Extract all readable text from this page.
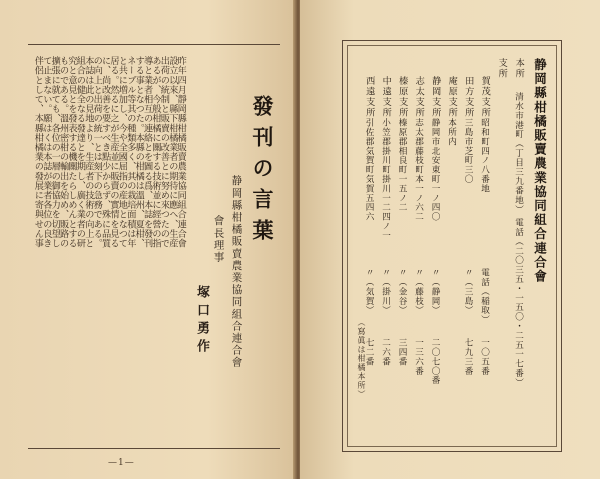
昨年四月靜岡縣柑橘販賣農業協同組合連合會
設立以來、縣下柑橘業者の期待に應へ、生産
出荷の統制と販賣の改善とに努め來つたので
あるが、今般柑橘に關する技術並に經營の指
導と業者相互の連絡とを圖る爲、本誌を發刊
する事となつた。本縣の柑橘は溫州、夏柑、
ネーブル等其の種類多く、其の栽培面積は年
と共に増加し、今や全國屈指の産地となつて
居る。然るに之が生産並に販賣の實情を見る
に、尚改善を要すべき點少からず、殊に品質
の向上と出荷の統一とは刻下の急務である。
本誌は此の見地より、生産者の技術の向上と
組合の健全なる發達とを期し、廣く業者の研
究と意見とを發表する機關たらしめんとする
ものである。溫州密柑の輸出を始め、販路の
擴張に就ても、各位の一層の御協力を切望し
て止まない。願はくは本誌が業者各位の良き
伴侶として、本縣柑橘業の發展に寄與せん事	發刊の言葉
静岡縣柑橘販賣農業協同組合連合會
會長理事
塚口勇作
—1—
静岡縣柑橘販賣農業協同組合連合會
本所
清水市港町（丁目三九番地）
電話（二〇三五・一五〇・二五一七番）
支所
賀茂支所
昭和町四ノ八番地
電話（稲取）
一〇五番
田方支所
三島市芝町三〇
〃（三島）
七九三番
庵原支所
本所内
静岡支所
静岡市北安東町一ノ四〇
〃（静岡）
二〇七〇番
志太支所
志太郡藤枝町本一ノ六二
〃（藤枝）
一三六番
榛原支所
榛原郡相良町一五ノ二
〃（金谷）
三四番
中遠支所
小笠郡掛川町掛川一二四ノ一
〃（掛川）
二六番
西遠支所
引佐郡気賀町気賀五四六
〃（気賀）
七二番
（寫眞は柑橘本所）
